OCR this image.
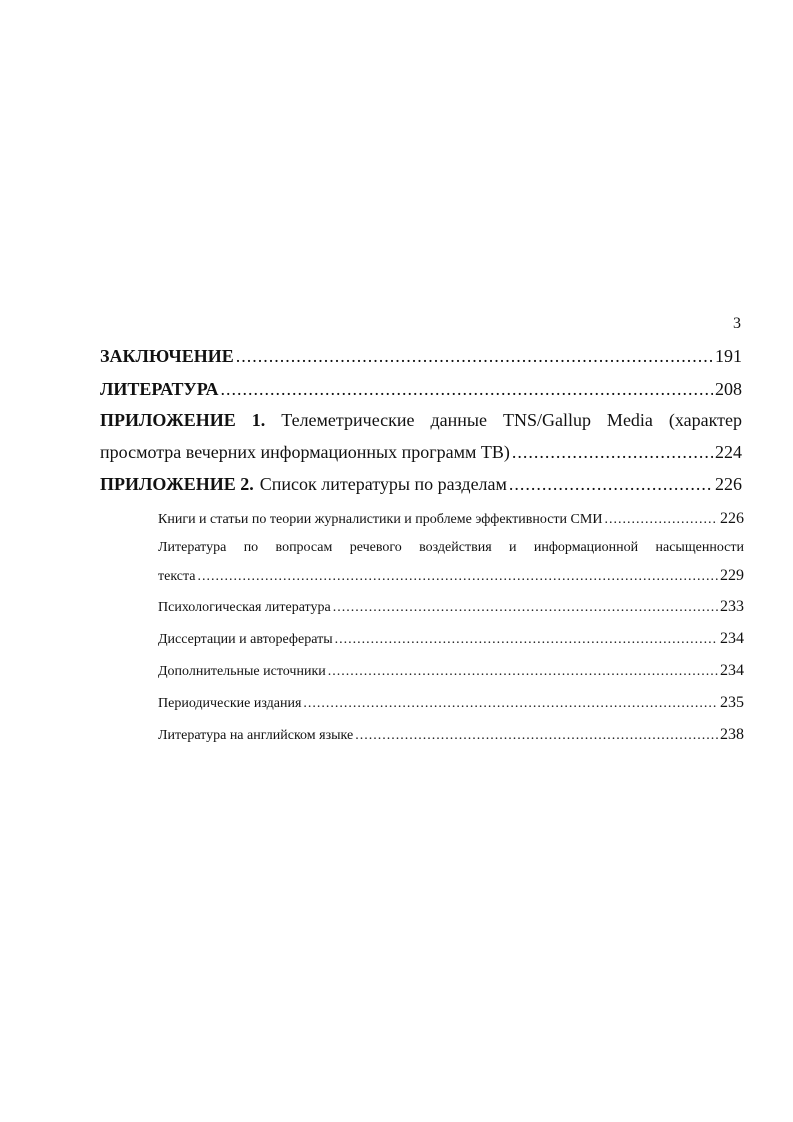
3
ЗАКЛЮЧЕНИЕ .....	191
ЛИТЕРАТУРА .....	208
ПРИЛОЖЕНИЕ 1. Телеметрические данные TNS/Gallup Media (характер
просмотра вечерних информационных программ ТВ) .....	224
ПРИЛОЖЕНИЕ 2. Список литературы по разделам .....	226
Книги и статьи по теории журналистики и проблеме эффективности СМИ .....	226
Литература по вопросам речевого воздействия и информационной насыщенности
текста .....	229
Психологическая литература .....	233
Диссертации и авторефераты .....	234
Дополнительные источники .....	234
Периодические издания .....	235
Литература на английском языке .....	238
